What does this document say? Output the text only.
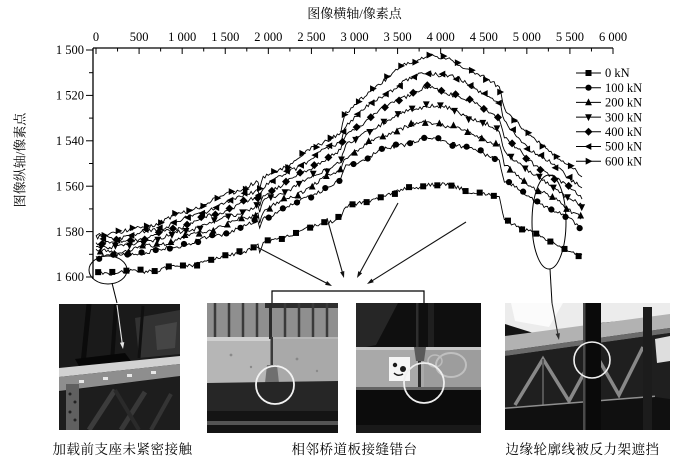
加载前支座未紧密接触	相邻桥道板接缝错台	边缘轮廓线被反力架遮挡
图像横轴/像素点
图像纵轴/像素点
0 500 1 000 1 500 2 000 2 500 3 000 3 500 4 000 4 500 5 000 5 500 6 000
1 500
1 520
1 540
1 560
1 580
1 600
0 kN
100 kN
200 kN
300 kN
400 kN
500 kN
600 kN
